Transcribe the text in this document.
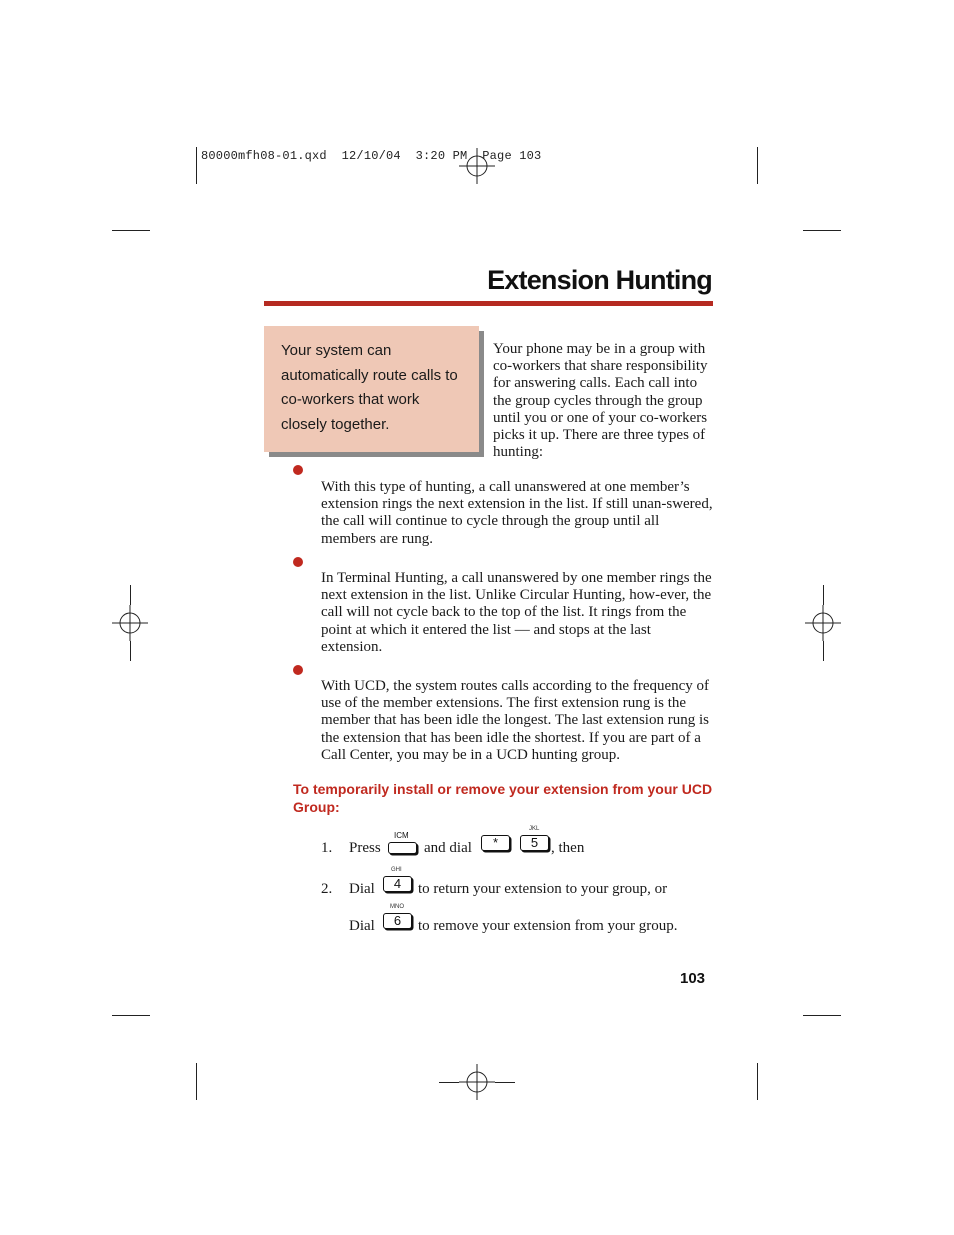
80000mfh08-01.qxd  12/10/04  3:20 PM  Page 103
Extension Hunting
Your system can automatically route calls to co-workers that work closely together.
Your phone may be in a group with co-workers that share responsibility for answering calls. Each call into the group cycles through the group until you or one of your co-workers picks it up. There are three types of hunting:
With this type of hunting, a call unanswered at one member’s extension rings the next extension in the list. If still unan-swered, the call will continue to cycle through the group until all members are rung.
In Terminal Hunting, a call unanswered by one member rings the next extension in the list. Unlike Circular Hunting, how-ever, the call will not cycle back to the top of the list. It rings from the point at which it entered the list — and stops at the last extension.
With UCD, the system routes calls according to the frequency of use of the member extensions. The first extension rung is the member that has been idle the longest. The last extension rung is the extension that has been idle the shortest. If you are part of a Call Center, you may be in a UCD hunting group.
To temporarily install or remove your extension from your UCD Group:
1. Press
ICM
and dial	*
JKL
5 , then
2. Dial
GHI
4	to return your extension to your group, or
Dial
MNO
6	to remove your extension from your group.
103
